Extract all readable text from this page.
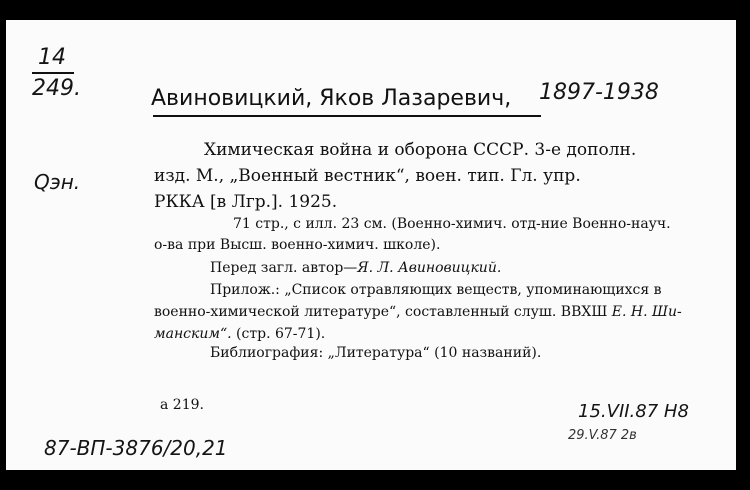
14
249.	Авиновицкий, Яков Лазаревич, 1897-1938
Химическая война и оборона СССР. 3-е дополн.
изд. М., „Военный вестник“, воен. тип. Гл. упр.
РККА [в Лгр.]. 1925.
Qэн.
71 стр., с илл. 23 см. (Военно-химич. отд-ние Военно-науч.
о-ва при Высш. военно-химич. школе).
Перед загл. автор—Я. Л. Авиновицкий.
Прилож.: „Список отравляющих веществ, упоминающихся в
военно-химической литературе“, составленный слуш. ВВХШ Е. Н. Ши-
манским“. (стр. 67-71).
Библиография: „Литература“ (10 названий).
а 219.	15.VII.87 Н8
29.V.87 2в
87-ВП-3876/20,21
